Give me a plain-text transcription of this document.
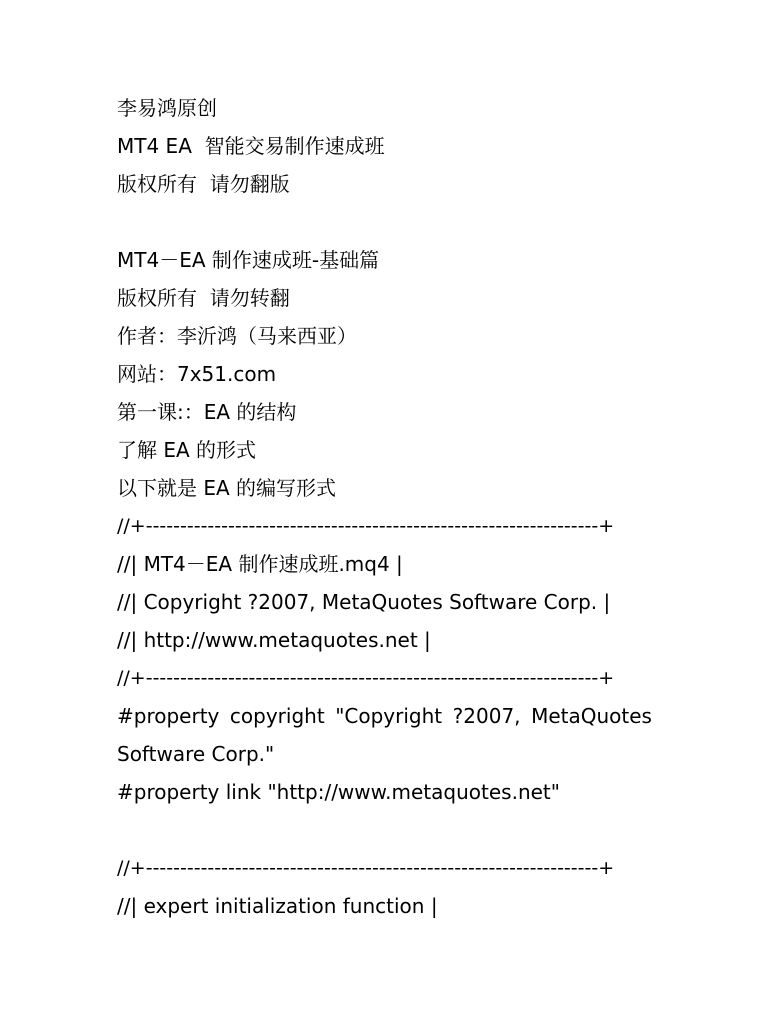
李易鸿原创
MT4 EA  智能交易制作速成班
版权所有  请勿翻版
MT4－EA 制作速成班-基础篇
版权所有  请勿转翻
作者：李沂鸿（马来西亚）
网站：7x51.com
第一课:：EA 的结构
了解 EA 的形式
以下就是 EA 的编写形式
//+------------------------------------------------------------------+
//| MT4－EA 制作速成班.mq4 |
//| Copyright ?2007, MetaQuotes Software Corp. |
//| http://www.metaquotes.net |
//+------------------------------------------------------------------+
#property copyright "Copyright ?2007, MetaQuotes
Software Corp."
#property link "http://www.metaquotes.net"
//+------------------------------------------------------------------+
//| expert initialization function |
